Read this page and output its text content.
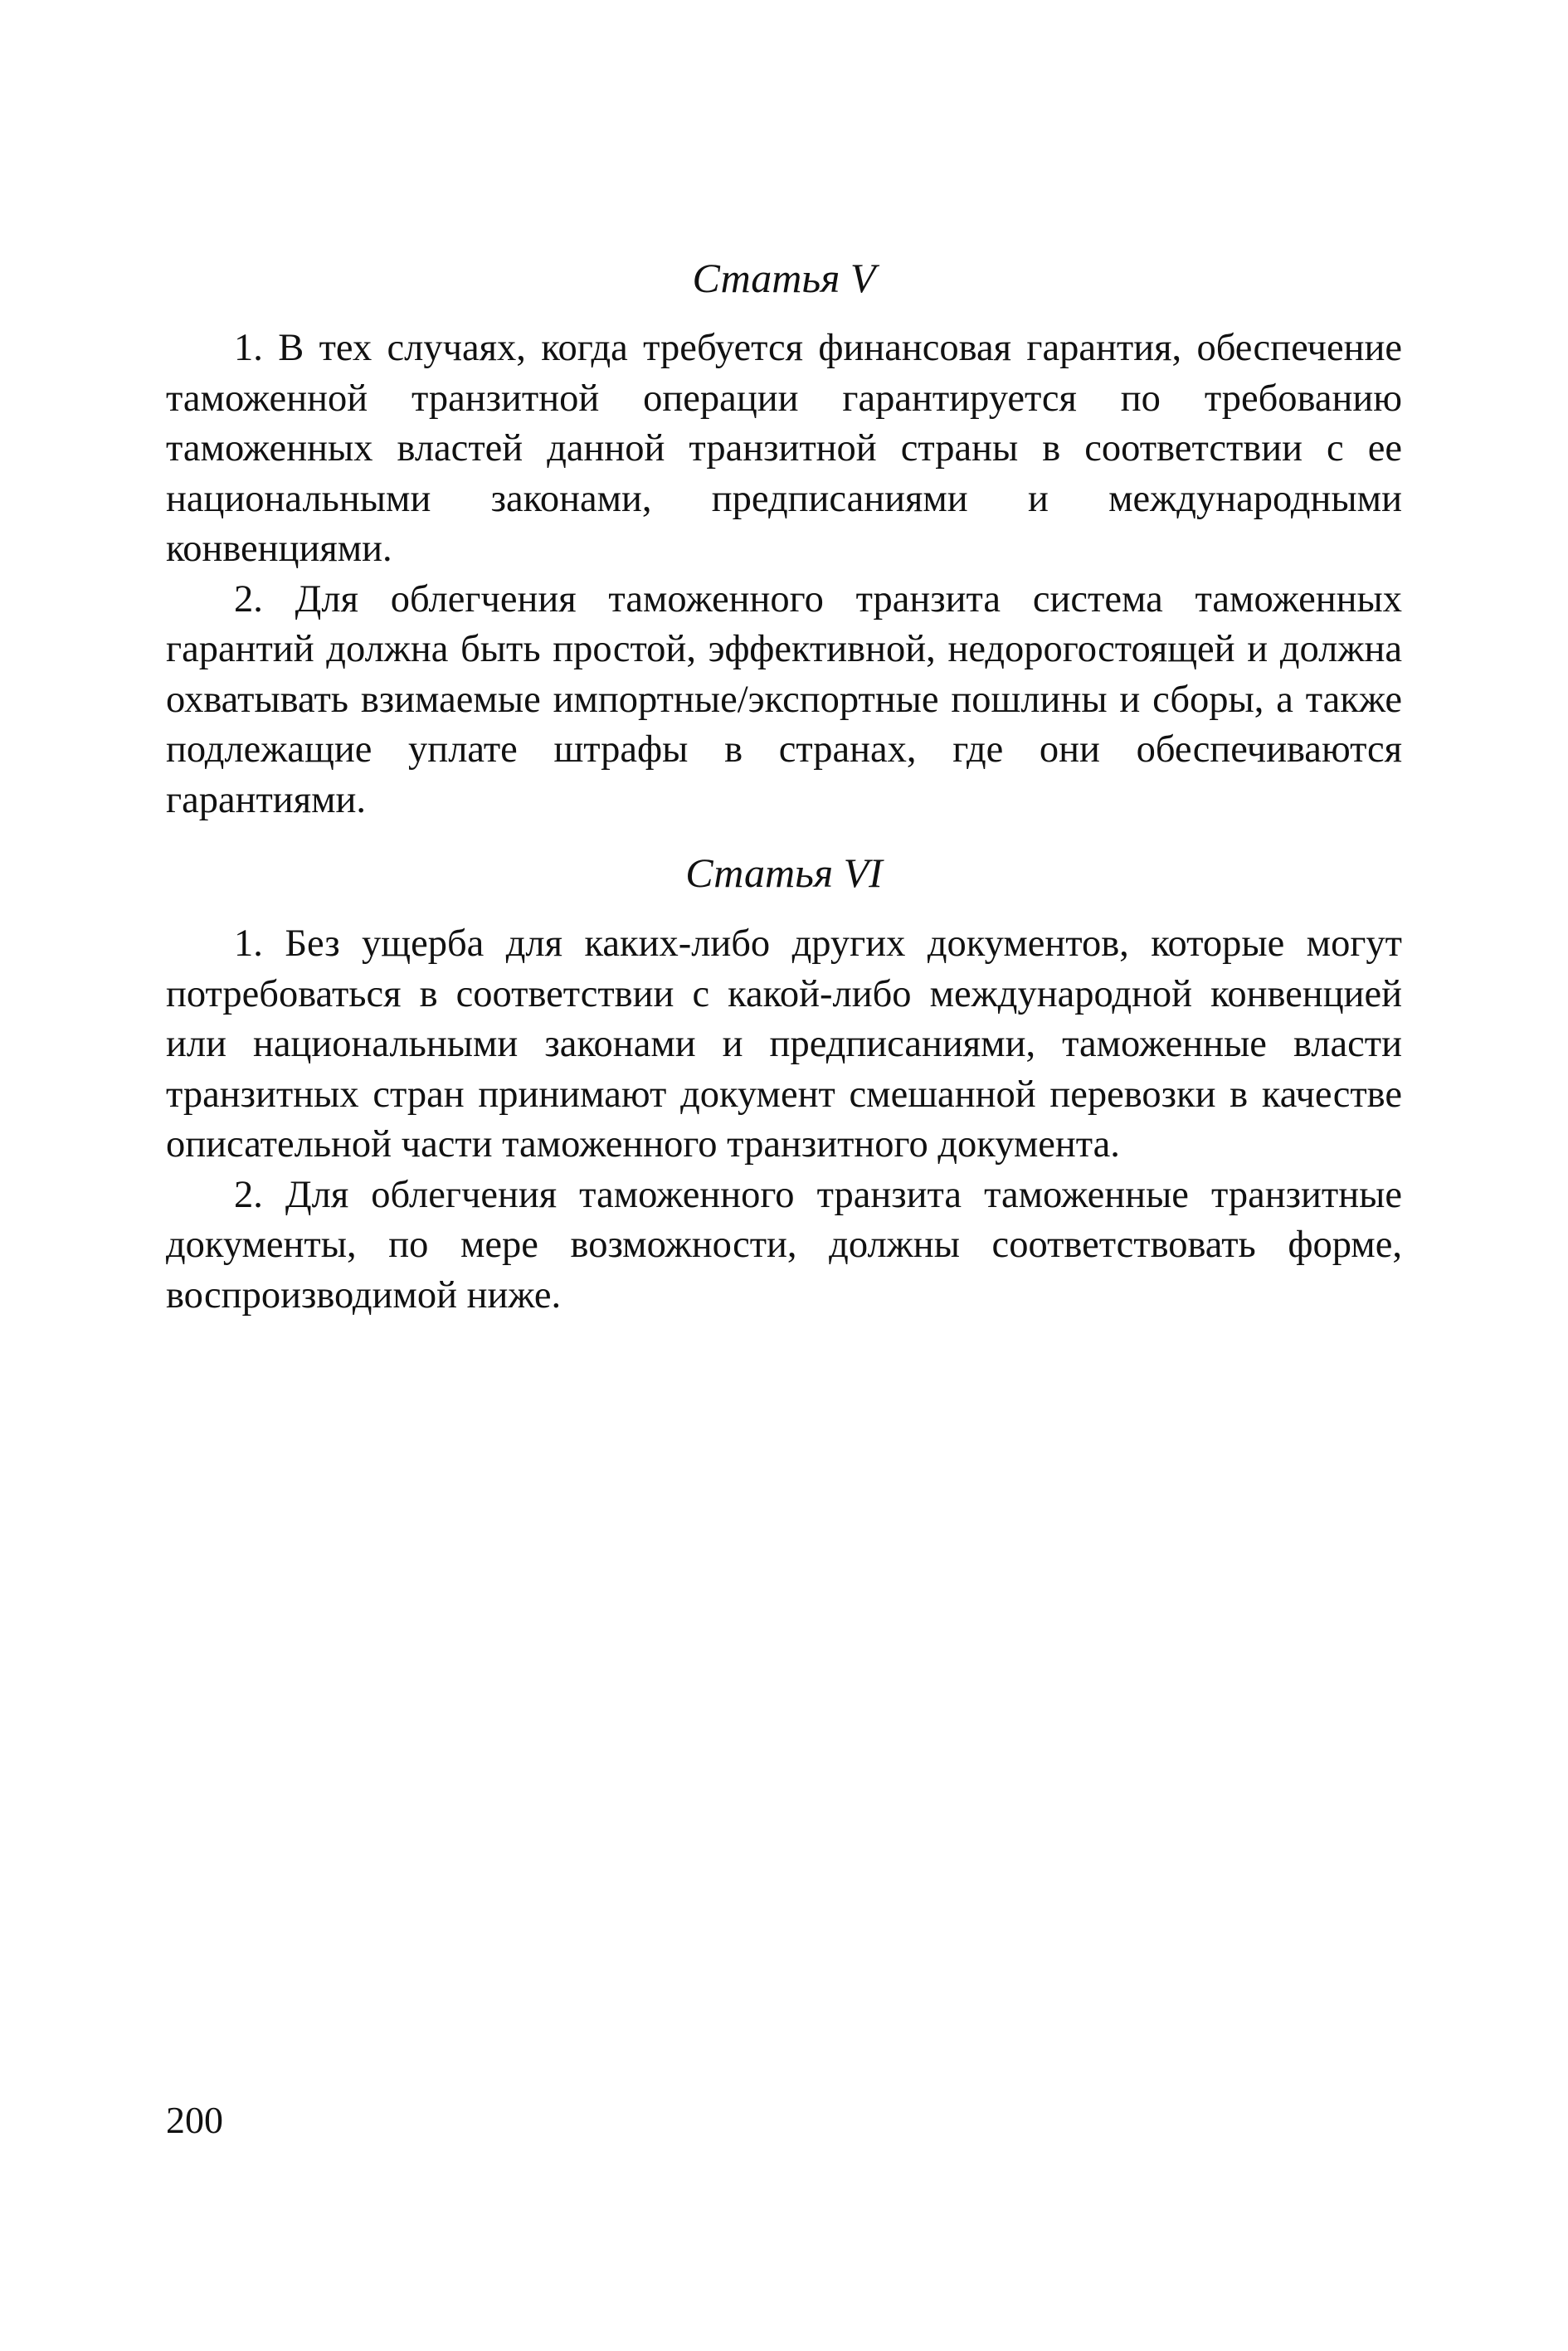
Статья V

1. В тех случаях, когда требуется финансовая гарантия, обеспечение таможенной транзитной операции гарантируется по требованию таможенных властей данной транзитной страны в соответствии с ее национальными законами, предписаниями и международными конвенциями.

2. Для облегчения таможенного транзита система таможенных гарантий должна быть простой, эффективной, недорогостоящей и должна охватывать взимаемые импортные/экспортные пошлины и сборы, а также подлежащие уплате штрафы в странах, где они обеспечиваются гарантиями.

Статья VI

1. Без ущерба для каких-либо других документов, которые могут потребоваться в соответствии с какой-либо международной конвенцией или национальными законами и предписаниями, таможенные власти транзитных стран принимают документ смешанной перевозки в качестве описательной части таможенного транзитного документа.

2. Для облегчения таможенного транзита таможенные транзитные документы, по мере возможности, должны соответствовать форме, воспроизводимой ниже.

200
